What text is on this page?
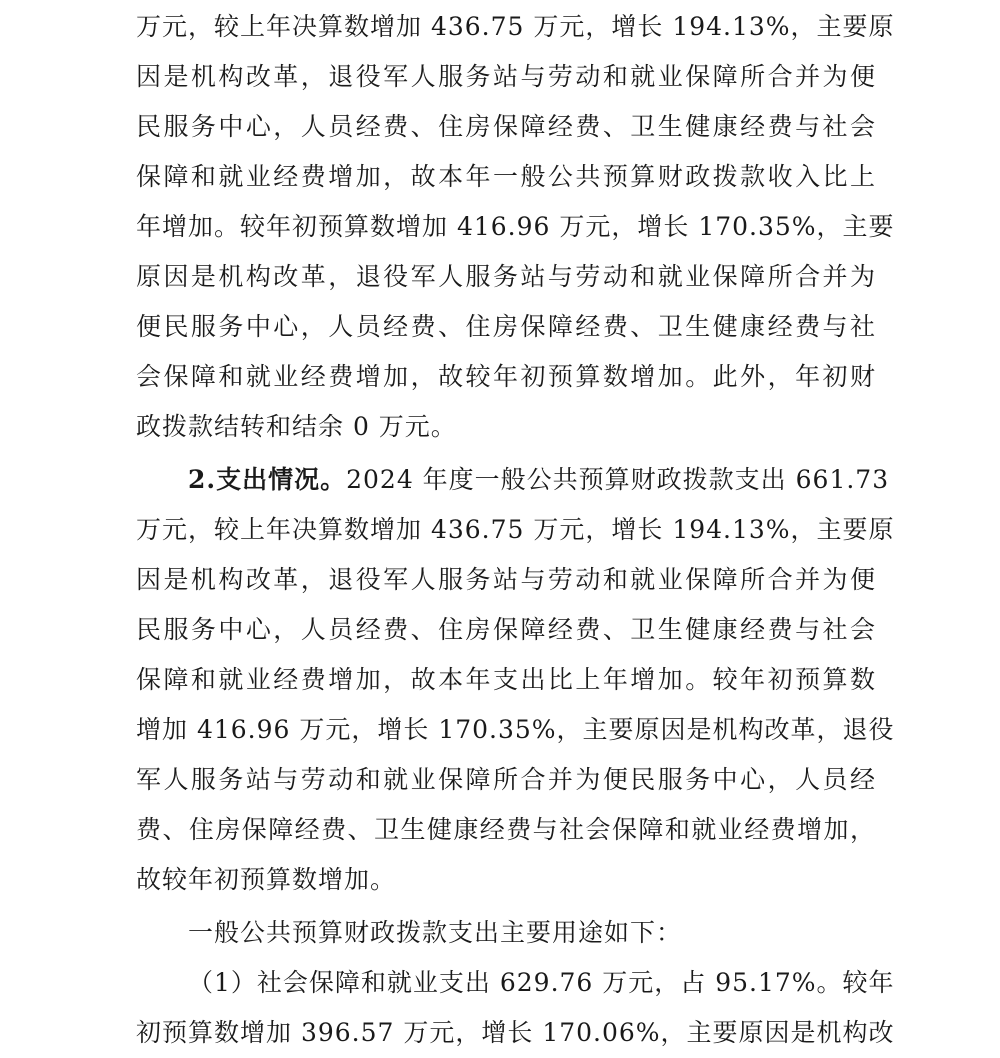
万元，较上年决算数增加 436.75 万元，增长 194.13%，主要原
因是机构改革，退役军人服务站与劳动和就业保障所合并为便
民服务中心，人员经费、住房保障经费、卫生健康经费与社会
保障和就业经费增加，故本年一般公共预算财政拨款收入比上
年增加。较年初预算数增加 416.96 万元，增长 170.35%，主要
原因是机构改革，退役军人服务站与劳动和就业保障所合并为
便民服务中心，人员经费、住房保障经费、卫生健康经费与社
会保障和就业经费增加，故较年初预算数增加。此外，年初财
政拨款结转和结余 0 万元。
2.支出情况。2024 年度一般公共预算财政拨款支出 661.73
万元，较上年决算数增加 436.75 万元，增长 194.13%，主要原
因是机构改革，退役军人服务站与劳动和就业保障所合并为便
民服务中心，人员经费、住房保障经费、卫生健康经费与社会
保障和就业经费增加，故本年支出比上年增加。较年初预算数
增加 416.96 万元，增长 170.35%，主要原因是机构改革，退役
军人服务站与劳动和就业保障所合并为便民服务中心，人员经
费、住房保障经费、卫生健康经费与社会保障和就业经费增加，
故较年初预算数增加。
一般公共预算财政拨款支出主要用途如下：
（1）社会保障和就业支出 629.76 万元，占 95.17%。较年
初预算数增加 396.57 万元，增长 170.06%，主要原因是机构改
